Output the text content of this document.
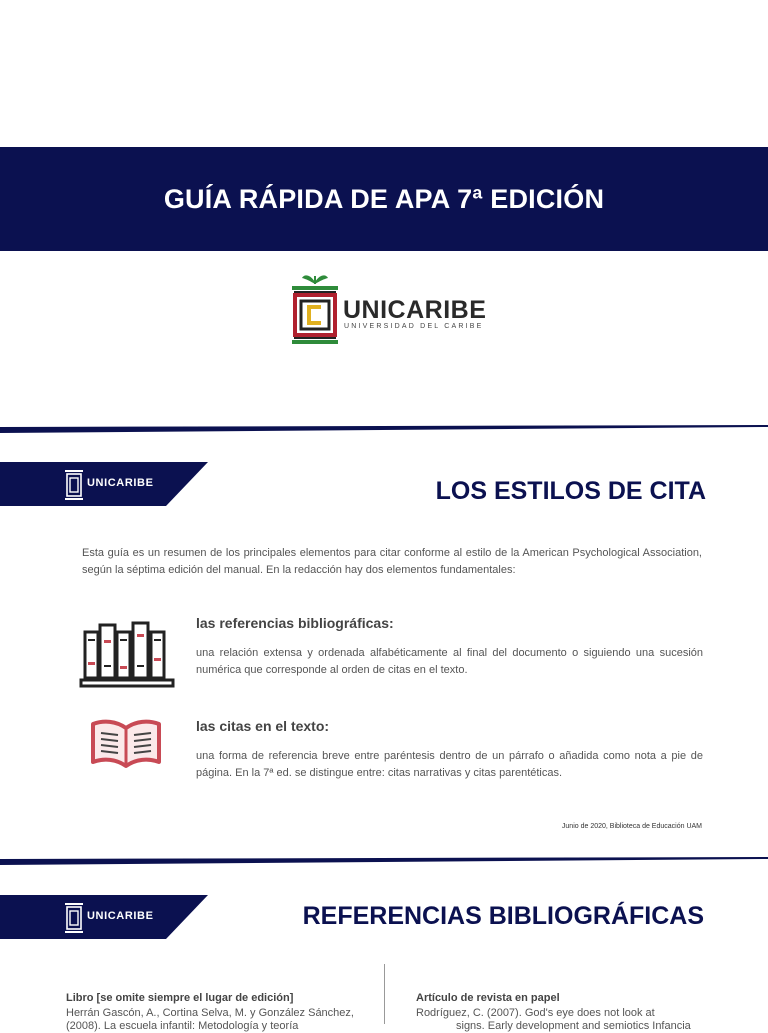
GUÍA RÁPIDA DE APA 7ª EDICIÓN
UNICARIBE
UNIVERSIDAD DEL CARIBE
UNICARIBE	LOS ESTILOS DE CITA

Esta guía es un resumen de los principales elementos para citar conforme al estilo de la American Psychological Association, según la séptima edición del manual. En la redacción hay dos elementos fundamentales:

las referencias bibliográficas:

una relación extensa y ordenada alfabéticamente al final del documento o siguiendo una sucesión numérica que corresponde al orden de citas en el texto.

las citas en el texto:

una forma de referencia breve entre paréntesis dentro de un párrafo o añadida como nota a pie de página. En la 7ª ed. se distingue entre: citas narrativas y citas parentéticas.

Junio de 2020, Biblioteca de Educación UAM
UNICARIBE	REFERENCIAS BIBLIOGRÁFICAS
Libro [se omite siempre el lugar de edición]
Herrán Gascón, A., Cortina Selva, M. y González Sánchez,
(2008). La escuela infantil: Metodología y teoría
Artículo de revista en papel
Rodríguez, C. (2007). God's eye does not look at
signs. Early development and semiotics Infancia
